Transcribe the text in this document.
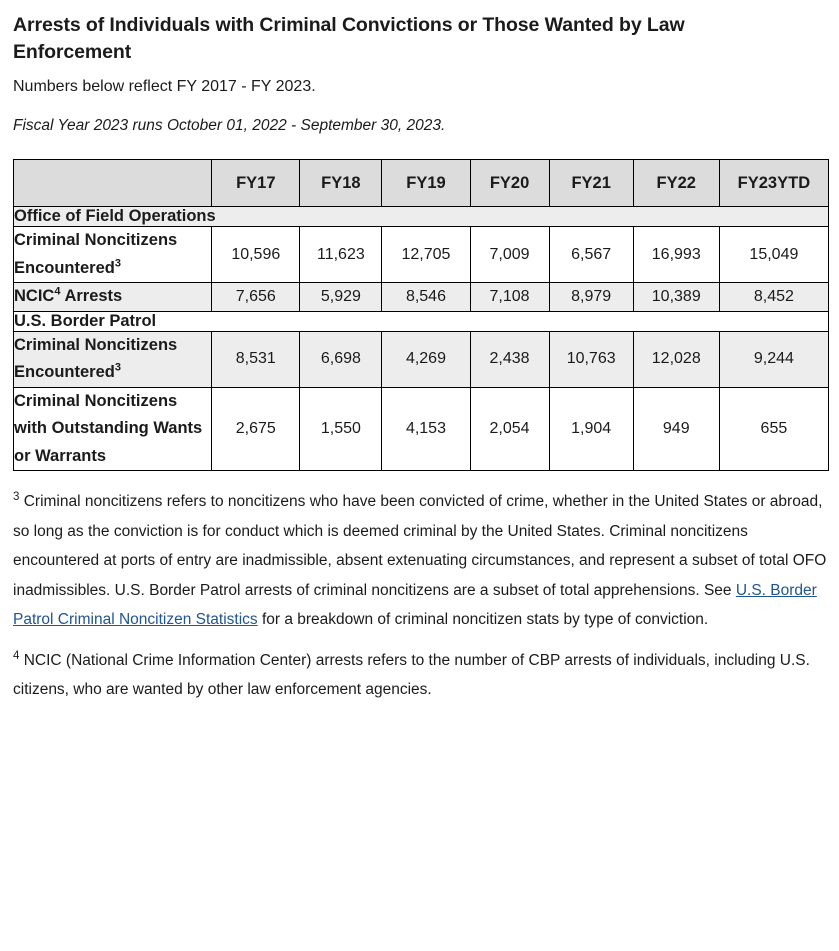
Arrests of Individuals with Criminal Convictions or Those Wanted by Law Enforcement

Numbers below reflect FY 2017 - FY 2023.

Fiscal Year 2023 runs October 01, 2022 - September 30, 2023.

	FY17	FY18	FY19	FY20	FY21	FY22	FY23YTD
Office of Field Operations							
Criminal Noncitizens Encountered$^3$	10,596	11,623	12,705	7,009	6,567	16,993	15,049
NCIC$^4$ Arrests	7,656	5,929	8,546	7,108	8,979	10,389	8,452
U.S. Border Patrol							
Criminal Noncitizens Encountered$^3$	8,531	6,698	4,269	2,438	10,763	12,028	9,244
Criminal Noncitizens with Outstanding Wants or Warrants	2,675	1,550	4,153	2,054	1,904	949	655

$^3$ Criminal noncitizens refers to noncitizens who have been convicted of crime, whether in the United States or abroad, so long as the conviction is for conduct which is deemed criminal by the United States. Criminal noncitizens encountered at ports of entry are inadmissible, absent extenuating circumstances, and represent a subset of total OFO inadmissibles. U.S. Border Patrol arrests of criminal noncitizens are a subset of total apprehensions. See U.S. Border Patrol Criminal Noncitizen Statistics for a breakdown of criminal noncitizen stats by type of conviction.

$^4$ NCIC (National Crime Information Center) arrests refers to the number of CBP arrests of individuals, including U.S. citizens, who are wanted by other law enforcement agencies.
